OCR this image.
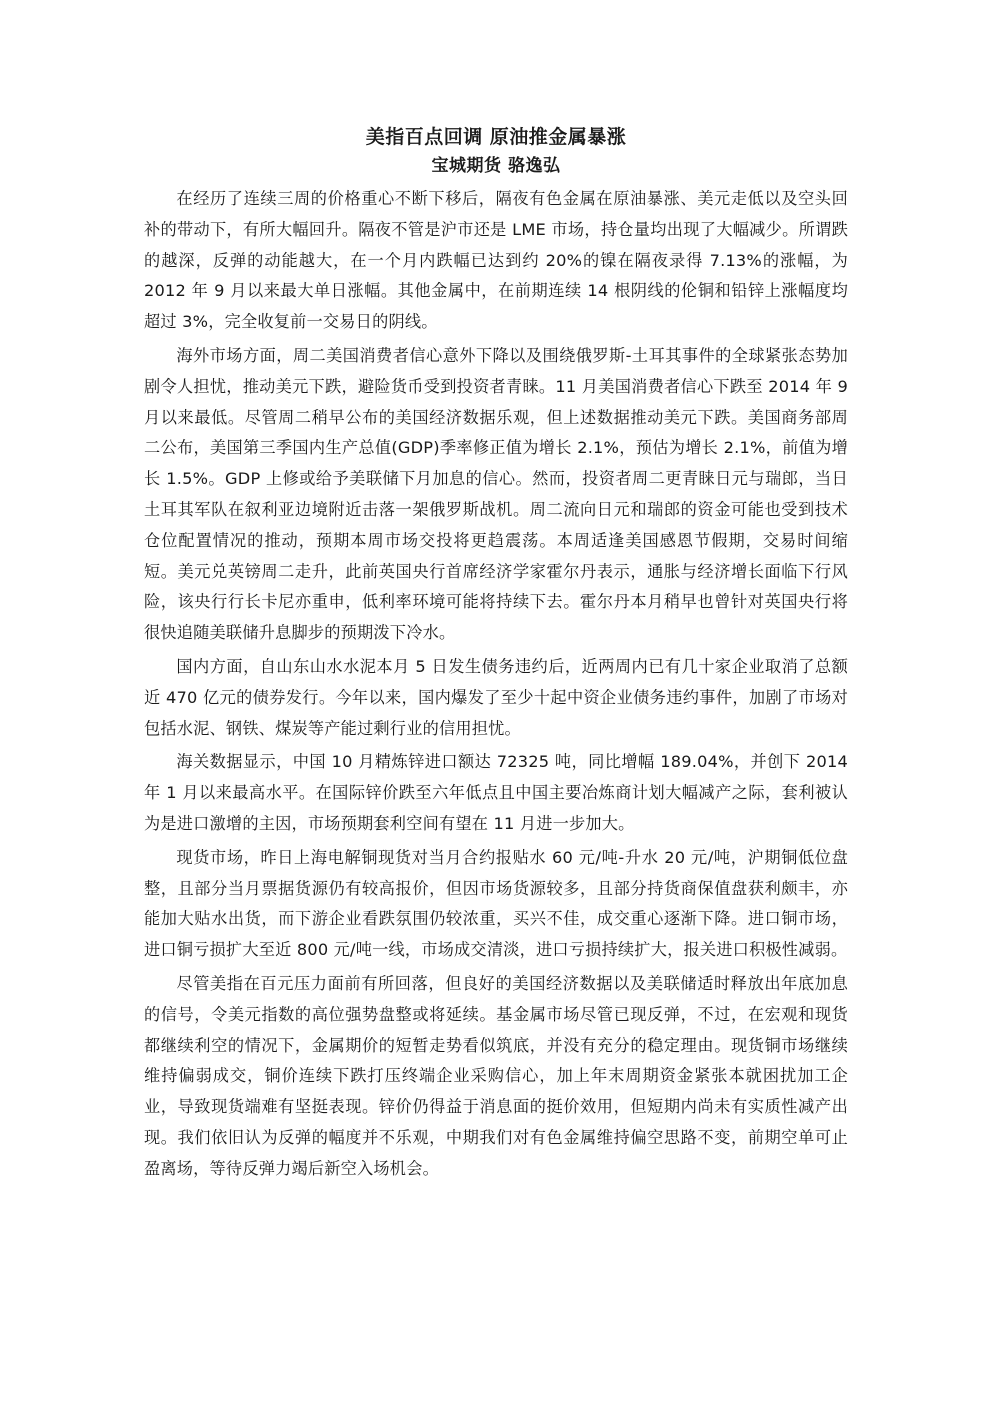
美指百点回调 原油推金属暴涨
宝城期货 骆逸弘

在经历了连续三周的价格重心不断下移后，隔夜有色金属在原油暴涨、美元走低以及空头回补的带动下，有所大幅回升。隔夜不管是沪市还是 LME 市场，持仓量均出现了大幅减少。所谓跌的越深，反弹的动能越大，在一个月内跌幅已达到约 20%的镍在隔夜录得 7.13%的涨幅，为 2012 年 9 月以来最大单日涨幅。其他金属中，在前期连续 14 根阴线的伦铜和铅锌上涨幅度均超过 3%，完全收复前一交易日的阴线。

海外市场方面，周二美国消费者信心意外下降以及围绕俄罗斯-土耳其事件的全球紧张态势加剧令人担忧，推动美元下跌，避险货币受到投资者青睐。11 月美国消费者信心下跌至 2014 年 9 月以来最低。尽管周二稍早公布的美国经济数据乐观，但上述数据推动美元下跌。美国商务部周二公布，美国第三季国内生产总值(GDP)季率修正值为增长 2.1%，预估为增长 2.1%，前值为增长 1.5%。GDP 上修或给予美联储下月加息的信心。然而，投资者周二更青睐日元与瑞郎，当日土耳其军队在叙利亚边境附近击落一架俄罗斯战机。周二流向日元和瑞郎的资金可能也受到技术仓位配置情况的推动，预期本周市场交投将更趋震荡。本周适逢美国感恩节假期，交易时间缩短。美元兑英镑周二走升，此前英国央行首席经济学家霍尔丹表示，通胀与经济增长面临下行风险，该央行行长卡尼亦重申，低利率环境可能将持续下去。霍尔丹本月稍早也曾针对英国央行将很快追随美联储升息脚步的预期泼下冷水。

国内方面，自山东山水水泥本月 5 日发生债务违约后，近两周内已有几十家企业取消了总额近 470 亿元的债券发行。今年以来，国内爆发了至少十起中资企业债务违约事件，加剧了市场对包括水泥、钢铁、煤炭等产能过剩行业的信用担忧。

海关数据显示，中国 10 月精炼锌进口额达 72325 吨，同比增幅 189.04%，并创下 2014 年 1 月以来最高水平。在国际锌价跌至六年低点且中国主要冶炼商计划大幅减产之际，套利被认为是进口激增的主因，市场预期套利空间有望在 11 月进一步加大。

现货市场，昨日上海电解铜现货对当月合约报贴水 60 元/吨-升水 20 元/吨，沪期铜低位盘整，且部分当月票据货源仍有较高报价，但因市场货源较多，且部分持货商保值盘获利颇丰，亦能加大贴水出货，而下游企业看跌氛围仍较浓重，买兴不佳，成交重心逐渐下降。进口铜市场，进口铜亏损扩大至近 800 元/吨一线，市场成交清淡，进口亏损持续扩大，报关进口积极性减弱。

尽管美指在百元压力面前有所回落，但良好的美国经济数据以及美联储适时释放出年底加息的信号，令美元指数的高位强势盘整或将延续。基金属市场尽管已现反弹，不过，在宏观和现货都继续利空的情况下，金属期价的短暂走势看似筑底，并没有充分的稳定理由。现货铜市场继续维持偏弱成交，铜价连续下跌打压终端企业采购信心，加上年末周期资金紧张本就困扰加工企业，导致现货端难有坚挺表现。锌价仍得益于消息面的挺价效用，但短期内尚未有实质性减产出现。我们依旧认为反弹的幅度并不乐观，中期我们对有色金属维持偏空思路不变，前期空单可止盈离场，等待反弹力竭后新空入场机会。
